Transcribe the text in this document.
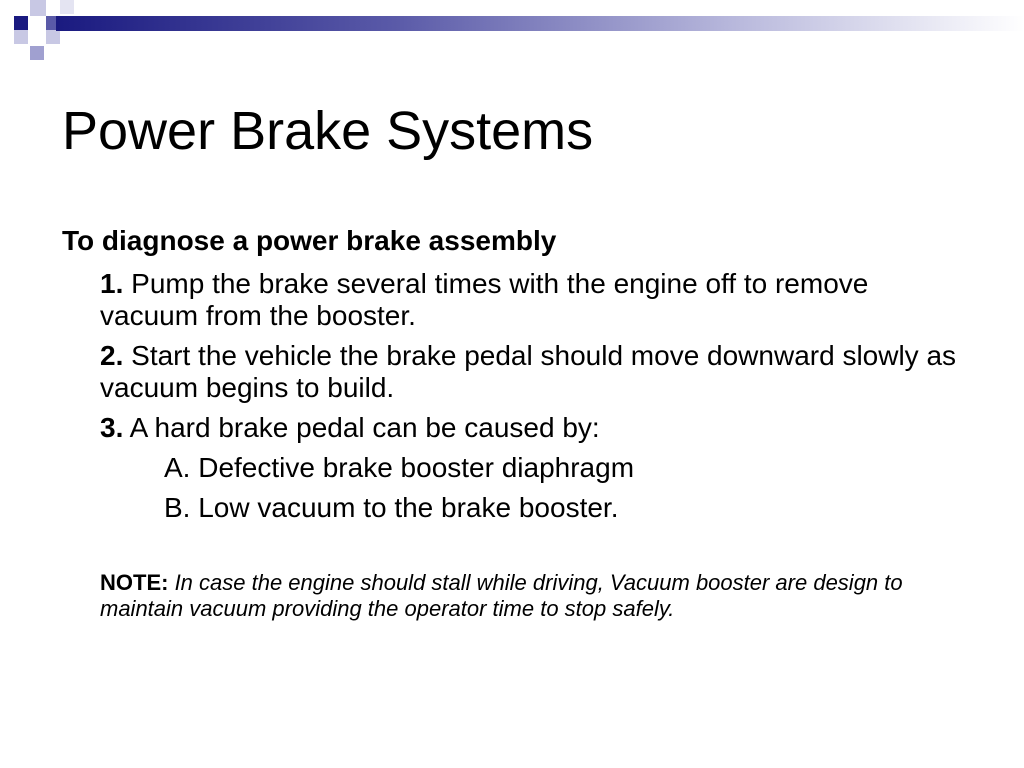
Power Brake Systems

To diagnose a power brake assembly

1. Pump the brake several times with the engine off to remove vacuum from the booster.

2. Start the vehicle the brake pedal should move downward slowly as vacuum begins to build.

3. A hard brake pedal can be caused by:

A. Defective brake booster diaphragm

B. Low vacuum to the brake booster.

NOTE: In case the engine should stall while driving, Vacuum booster are design to maintain vacuum providing the operator time to stop safely.
